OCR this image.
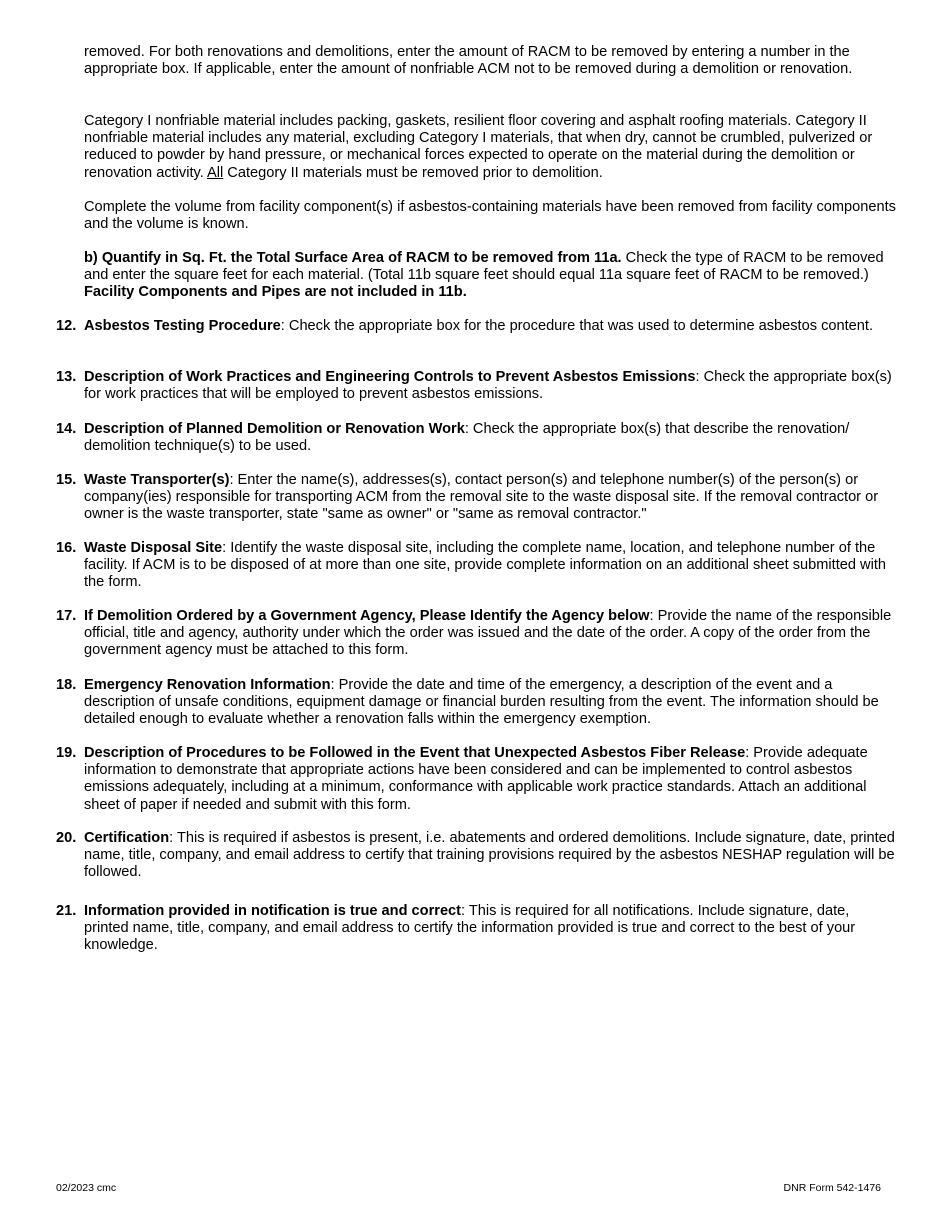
removed. For both renovations and demolitions, enter the amount of RACM to be removed by entering a number in the appropriate box. If applicable, enter the amount of nonfriable ACM not to be removed during a demolition or renovation.
Category I nonfriable material includes packing, gaskets, resilient floor covering and asphalt roofing materials. Category II nonfriable material includes any material, excluding Category I materials, that when dry, cannot be crumbled, pulverized or reduced to powder by hand pressure, or mechanical forces expected to operate on the material during the demolition or renovation activity. All Category II materials must be removed prior to demolition.
Complete the volume from facility component(s) if asbestos-containing materials have been removed from facility components and the volume is known.
b) Quantify in Sq. Ft. the Total Surface Area of RACM to be removed from 11a. Check the type of RACM to be removed and enter the square feet for each material. (Total 11b square feet should equal 11a square feet of RACM to be removed.) Facility Components and Pipes are not included in 11b.
12. Asbestos Testing Procedure: Check the appropriate box for the procedure that was used to determine asbestos content.
13. Description of Work Practices and Engineering Controls to Prevent Asbestos Emissions: Check the appropriate box(s) for work practices that will be employed to prevent asbestos emissions.
14. Description of Planned Demolition or Renovation Work: Check the appropriate box(s) that describe the renovation/ demolition technique(s) to be used.
15. Waste Transporter(s): Enter the name(s), addresses(s), contact person(s) and telephone number(s) of the person(s) or company(ies) responsible for transporting ACM from the removal site to the waste disposal site. If the removal contractor or owner is the waste transporter, state "same as owner" or "same as removal contractor."
16. Waste Disposal Site: Identify the waste disposal site, including the complete name, location, and telephone number of the facility. If ACM is to be disposed of at more than one site, provide complete information on an additional sheet submitted with the form.
17. If Demolition Ordered by a Government Agency, Please Identify the Agency below: Provide the name of the responsible official, title and agency, authority under which the order was issued and the date of the order. A copy of the order from the government agency must be attached to this form.
18. Emergency Renovation Information: Provide the date and time of the emergency, a description of the event and a description of unsafe conditions, equipment damage or financial burden resulting from the event. The information should be detailed enough to evaluate whether a renovation falls within the emergency exemption.
19. Description of Procedures to be Followed in the Event that Unexpected Asbestos Fiber Release: Provide adequate information to demonstrate that appropriate actions have been considered and can be implemented to control asbestos emissions adequately, including at a minimum, conformance with applicable work practice standards. Attach an additional sheet of paper if needed and submit with this form.
20. Certification: This is required if asbestos is present, i.e. abatements and ordered demolitions. Include signature, date, printed name, title, company, and email address to certify that training provisions required by the asbestos NESHAP regulation will be followed.
21. Information provided in notification is true and correct: This is required for all notifications. Include signature, date, printed name, title, company, and email address to certify the information provided is true and correct to the best of your knowledge.
02/2023 cmc	DNR Form 542-1476
